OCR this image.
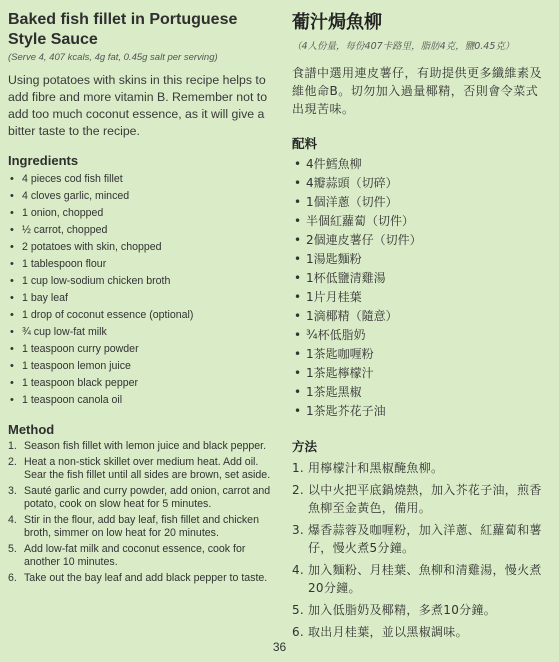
Baked fish fillet in Portuguese Style Sauce
(Serve 4, 407 kcals, 4g fat, 0.45g salt per serving)
Using potatoes with skins in this recipe helps to add fibre and more vitamin B. Remember not to add too much coconut essence, as it will give a bitter taste to the recipe.
Ingredients
• 4 pieces cod fish fillet
• 4 cloves garlic, minced
• 1 onion, chopped
• ½ carrot, chopped
• 2 potatoes with skin, chopped
• 1 tablespoon flour
• 1 cup low-sodium chicken broth
• 1 bay leaf
• 1 drop of coconut essence (optional)
• ¾ cup low-fat milk
• 1 teaspoon curry powder
• 1 teaspoon lemon juice
• 1 teaspoon black pepper
• 1 teaspoon canola oil
Method
1. Season fish fillet with lemon juice and black pepper.
2. Heat a non-stick skillet over medium heat. Add oil. Sear the fish fillet until all sides are brown, set aside.
3. Sauté garlic and curry powder, add onion, carrot and potato, cook on slow heat for 5 minutes.
4. Stir in the flour, add bay leaf, fish fillet and chicken broth, simmer on low heat for 20 minutes.
5. Add low-fat milk and coconut essence, cook for another 10 minutes.
6. Take out the bay leaf and add black pepper to taste.
葡汁焗魚柳
（4人份量，每份407卡路里，脂肪4克，鹽0.45克）
食譜中選用連皮薯仔，有助提供更多纖維素及維他命B。切勿加入過量椰精，否則會令菜式出現苦味。
配料
• 4件鱈魚柳
• 4瓣蒜頭（切碎）
• 1個洋蔥（切件）
• 半個紅蘿蔔（切件）
• 2個連皮薯仔（切件）
• 1湯匙麵粉
• 1杯低鹽清雞湯
• 1片月桂葉
• 1滴椰精（隨意）
• ¾杯低脂奶
• 1茶匙咖喱粉
• 1茶匙檸檬汁
• 1茶匙黑椒
• 1茶匙芥花子油
方法
1. 用檸檬汁和黑椒醃魚柳。
2. 以中火把平底鍋燒熱，加入芥花子油，煎香魚柳至金黃色，備用。
3. 爆香蒜蓉及咖喱粉，加入洋蔥、紅蘿蔔和薯仔，慢火煮5分鐘。
4. 加入麵粉、月桂葉、魚柳和清雞湯，慢火煮20分鐘。
5. 加入低脂奶及椰精，多煮10分鐘。
6. 取出月桂葉，並以黑椒調味。
36
